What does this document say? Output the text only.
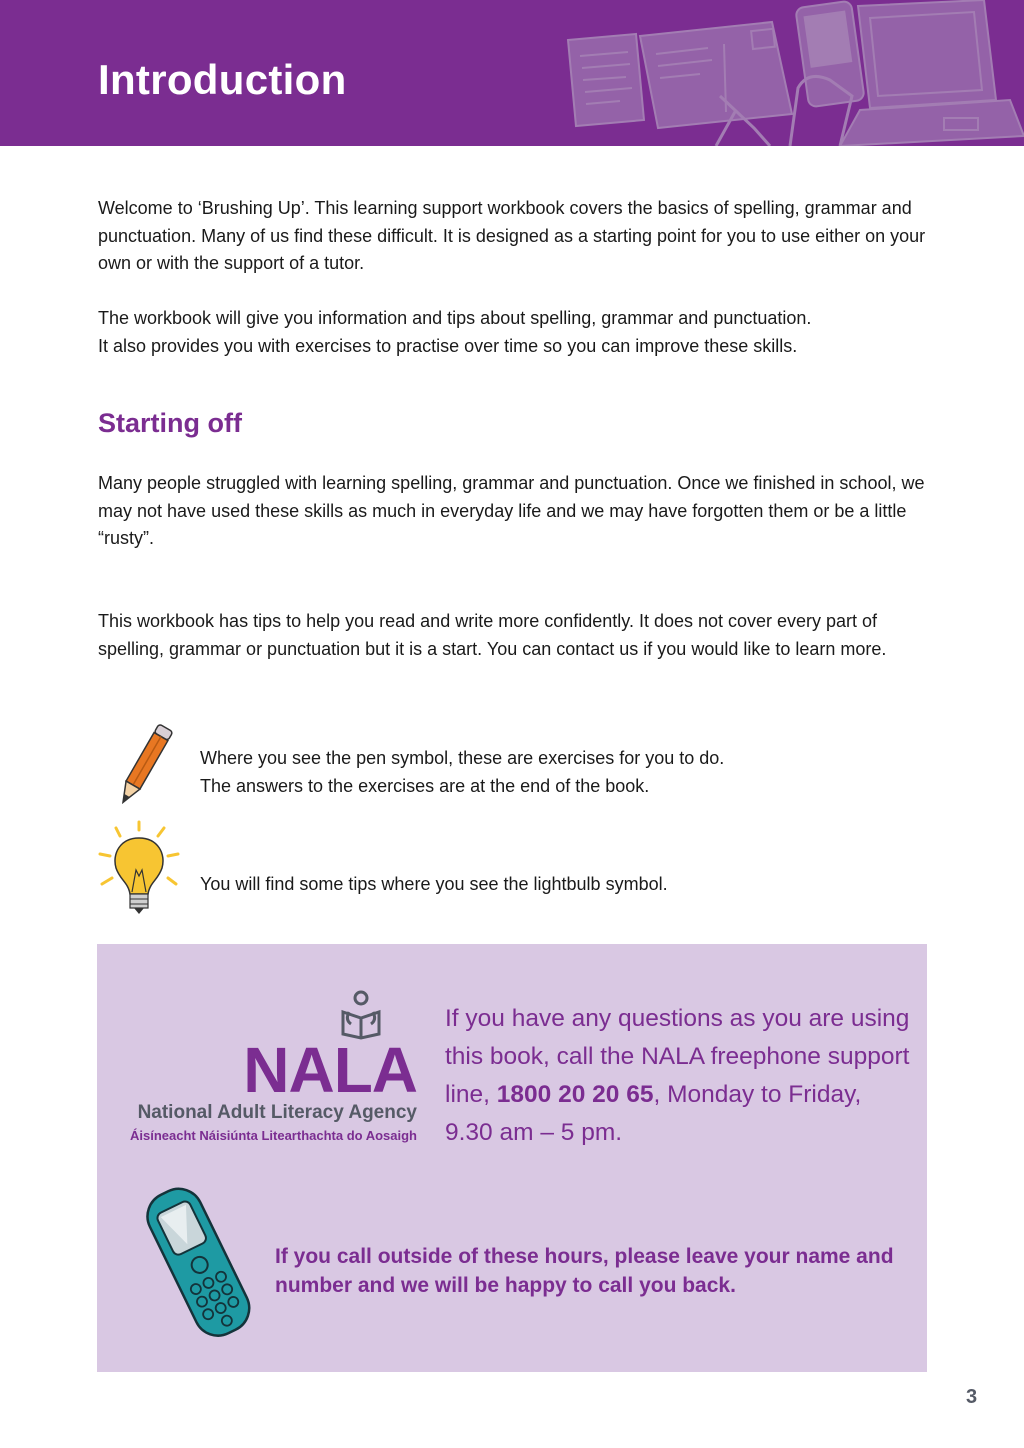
Introduction

Welcome to ‘Brushing Up’. This learning support workbook covers the basics of spelling, grammar and punctuation. Many of us find these difficult. It is designed as a starting point for you to use either on your own or with the support of a tutor.

The workbook will give you information and tips about spelling, grammar and punctuation.
It also provides you with exercises to practise over time so you can improve these skills.
Starting off

Many people struggled with learning spelling, grammar and punctuation. Once we finished in school, we may not have used these skills as much in everyday life and we may have forgotten them or be a little “rusty”.

This workbook has tips to help you read and write more confidently. It does not cover every part of spelling, grammar or punctuation but it is a start. You can contact us if you would like to learn more.

Where you see the pen symbol, these are exercises for you to do.
The answers to the exercises are at the end of the book.
You will find some tips where you see the lightbulb symbol.
NALA
National Adult Literacy Agency
Áisíneacht Náisiúnta Litearthachta do Aosaigh

If you have any questions as you are using this book, call the NALA freephone support line, 1800 20 20 65, Monday to Friday, 9.30 am – 5 pm.

If you call outside of these hours, please leave your name and number and we will be happy to call you back.

3
